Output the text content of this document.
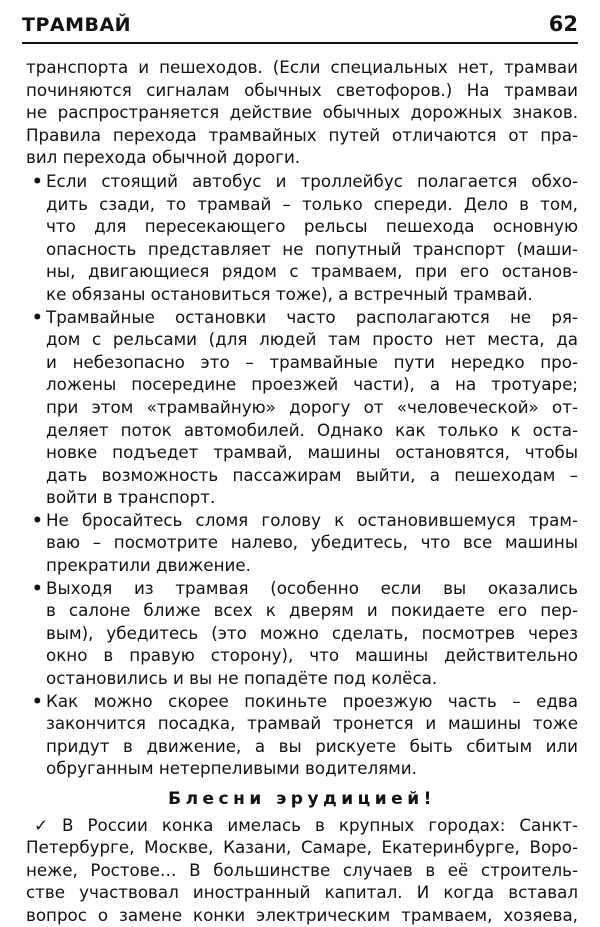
ТРАМВАЙ	62
транспорта и пешеходов. (Если специальных нет, трамваи
починяются сигналам обычных светофоров.) На трамваи
не распространяется действие обычных дорожных знаков.
Правила перехода трамвайных путей отличаются от пра-
вил перехода обычной дороги.
• Если стоящий автобус и троллейбус полагается обхо-
дить сзади, то трамвай – только спереди. Дело в том,
что для пересекающего рельсы пешехода основную
опасность представляет не попутный транспорт (маши-
ны, двигающиеся рядом с трамваем, при его останов-
ке обязаны остановиться тоже), а встречный трамвай.
• Трамвайные остановки часто располагаются не ря-
дом с рельсами (для людей там просто нет места, да
и небезопасно это – трамвайные пути нередко про-
ложены посередине проезжей части), а на тротуаре;
при этом «трамвайную» дорогу от «человеческой» от-
деляет поток автомобилей. Однако как только к оста-
новке подъедет трамвай, машины остановятся, чтобы
дать возможность пассажирам выйти, а пешеходам –
войти в транспорт.
• Не бросайтесь сломя голову к остановившемуся трам-
ваю – посмотрите налево, убедитесь, что все машины
прекратили движение.
• Выходя из трамвая (особенно если вы оказались
в салоне ближе всех к дверям и покидаете его пер-
вым), убедитесь (это можно сделать, посмотрев через
окно в правую сторону), что машины действительно
остановились и вы не попадёте под колёса.
• Как можно скорее покиньте проезжую часть – едва
закончится посадка, трамвай тронется и машины тоже
придут в движение, а вы рискуете быть сбитым или
обруганным нетерпеливыми водителями.
Блесни эрудицией!
✓ В России конка имелась в крупных городах: Санкт-
Петербурге, Москве, Казани, Самаре, Екатеринбурге, Воро-
неже, Ростове… В большинстве случаев в её строитель-
стве участвовал иностранный капитал. И когда вставал
вопрос о замене конки электрическим трамваем, хозяева,
